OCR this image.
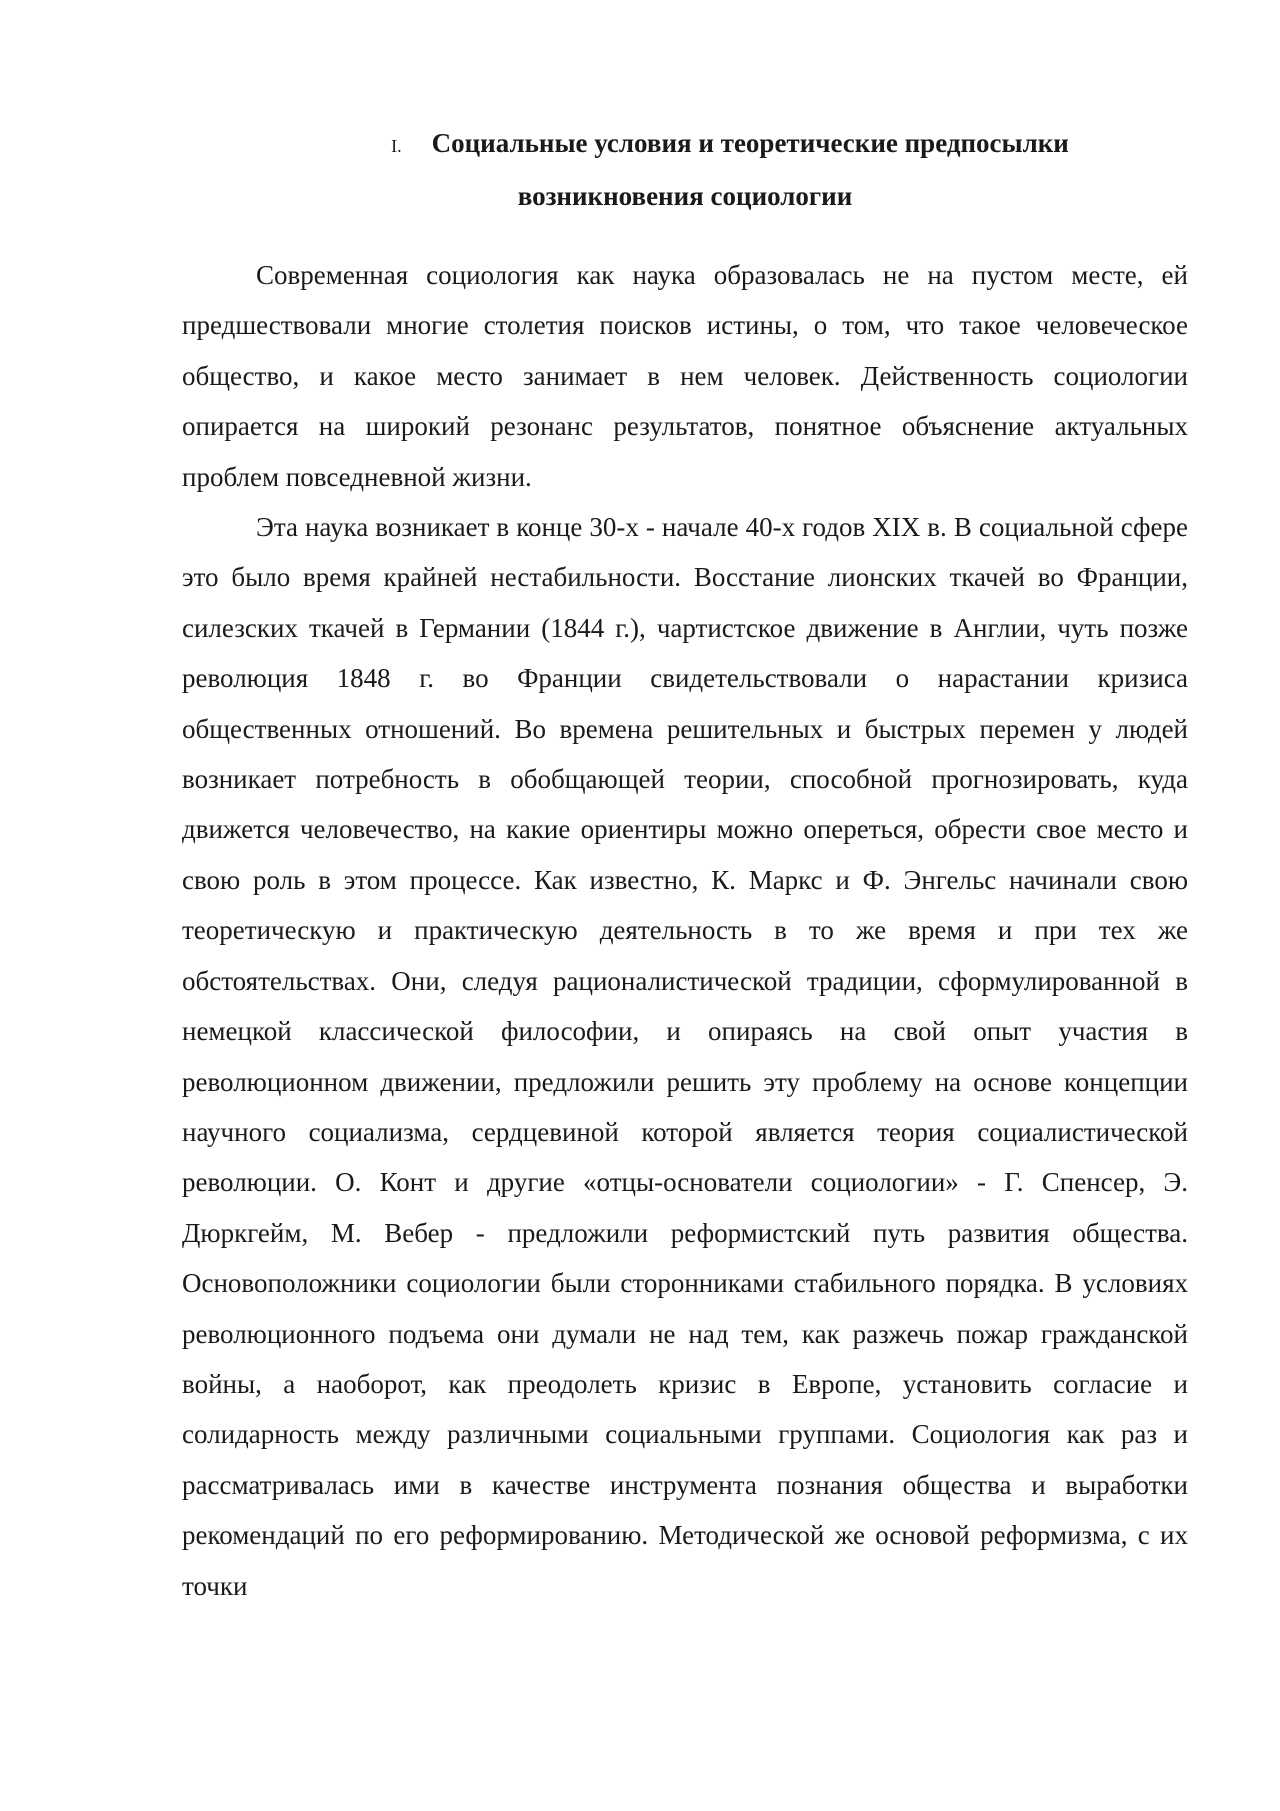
I. Социальные условия и теоретические предпосылки
возникновения социологии

Современная социология как наука образовалась не на пустом месте, ей предшествовали многие столетия поисков истины, о том, что такое человеческое общество, и какое место занимает в нем человек. Действенность социологии опирается на широкий резонанс результатов, понятное объяснение актуальных проблем повседневной жизни.

Эта наука возникает в конце 30-х - начале 40-х годов XIX в. В социальной сфере это было время крайней нестабильности. Восстание лионских ткачей во Франции, силезских ткачей в Германии (1844 г.), чартистское движение в Англии, чуть позже революция 1848 г. во Франции свидетельствовали о нарастании кризиса общественных отношений. Во времена решительных и быстрых перемен у людей возникает потребность в обобщающей теории, способной прогнозировать, куда движется человечество, на какие ориентиры можно опереться, обрести свое место и свою роль в этом процессе. Как известно, К. Маркс и Ф. Энгельс начинали свою теоретическую и практическую деятельность в то же время и при тех же обстоятельствах. Они, следуя рационалистической традиции, сформулированной в немецкой классической философии, и опираясь на свой опыт участия в революционном движении, предложили решить эту проблему на основе концепции научного социализма, сердцевиной которой является теория социалистической революции. О. Конт и другие «отцы-основатели социологии» - Г. Спенсер, Э. Дюркгейм, М. Вебер - предложили реформистский путь развития общества. Основоположники социологии были сторонниками стабильного порядка. В условиях революционного подъема они думали не над тем, как разжечь пожар гражданской войны, а наоборот, как преодолеть кризис в Европе, установить согласие и солидарность между различными социальными группами. Социология как раз и рассматривалась ими в качестве инструмента познания общества и выработки рекомендаций по его реформированию. Методической же основой реформизма, с их точки
